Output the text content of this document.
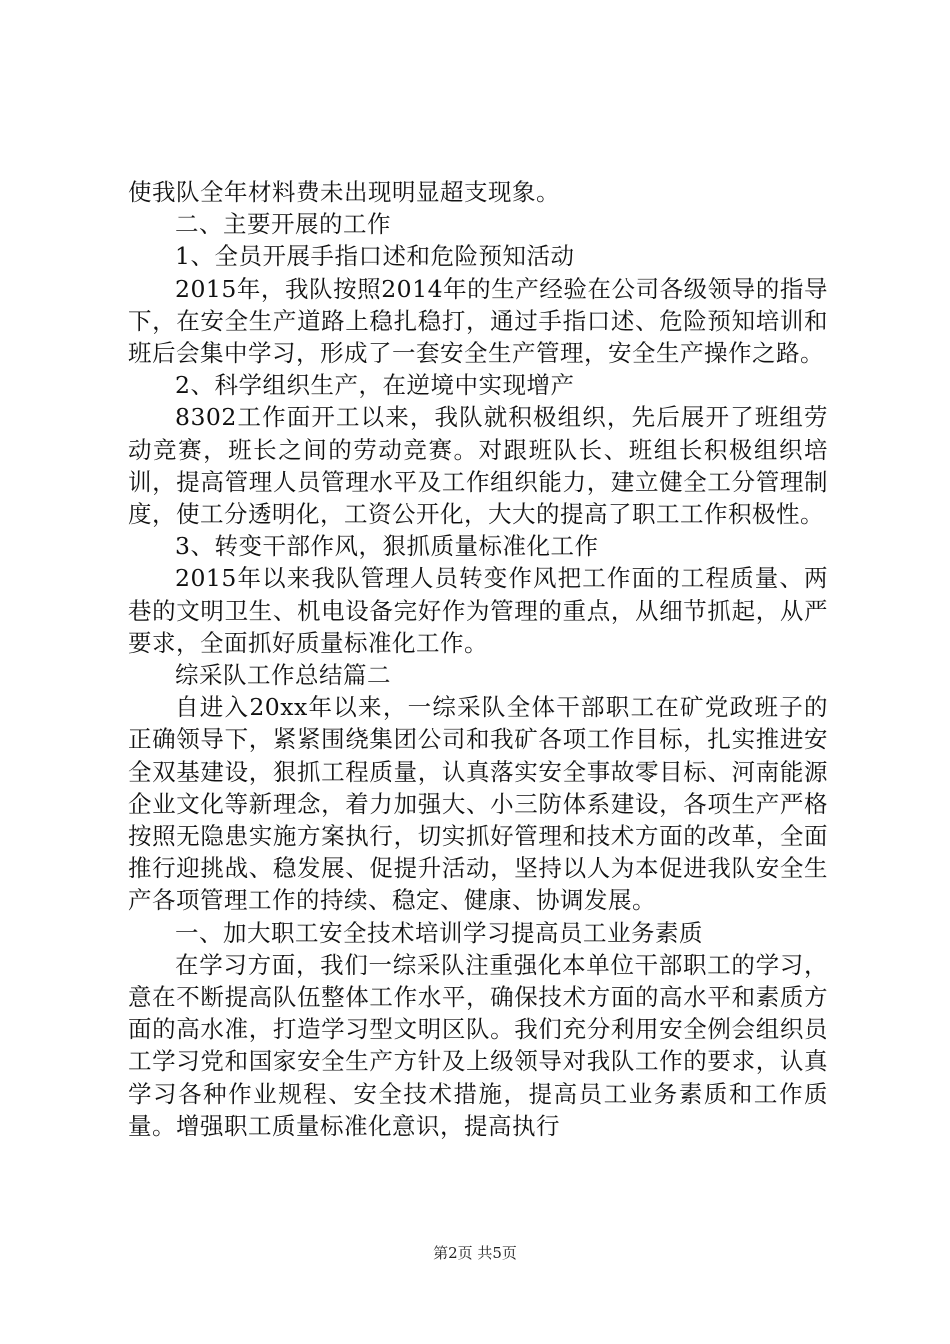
使我队全年材料费未出现明显超支现象。

二、主要开展的工作

1、全员开展手指口述和危险预知活动

2015年，我队按照2014年的生产经验在公司各级领导的指导下，在安全生产道路上稳扎稳打，通过手指口述、危险预知培训和班后会集中学习，形成了一套安全生产管理，安全生产操作之路。

2、科学组织生产，在逆境中实现增产

8302工作面开工以来，我队就积极组织，先后展开了班组劳动竞赛，班长之间的劳动竞赛。对跟班队长、班组长积极组织培训，提高管理人员管理水平及工作组织能力，建立健全工分管理制度，使工分透明化，工资公开化，大大的提高了职工工作积极性。

3、转变干部作风，狠抓质量标准化工作

2015年以来我队管理人员转变作风把工作面的工程质量、两巷的文明卫生、机电设备完好作为管理的重点，从细节抓起，从严要求，全面抓好质量标准化工作。

综采队工作总结篇二

自进入20xx年以来，一综采队全体干部职工在矿党政班子的正确领导下，紧紧围绕集团公司和我矿各项工作目标，扎实推进安全双基建设，狠抓工程质量，认真落实安全事故零目标、河南能源企业文化等新理念，着力加强大、小三防体系建设，各项生产严格按照无隐患实施方案执行，切实抓好管理和技术方面的改革，全面推行迎挑战、稳发展、促提升活动，坚持以人为本促进我队安全生产各项管理工作的持续、稳定、健康、协调发展。

一、加大职工安全技术培训学习提高员工业务素质

在学习方面，我们一综采队注重强化本单位干部职工的学习，意在不断提高队伍整体工作水平，确保技术方面的高水平和素质方面的高水准，打造学习型文明区队。我们充分利用安全例会组织员工学习党和国家安全生产方针及上级领导对我队工作的要求，认真学习各种作业规程、安全技术措施，提高员工业务素质和工作质量。增强职工质量标准化意识，提高执行

第2页 共5页
